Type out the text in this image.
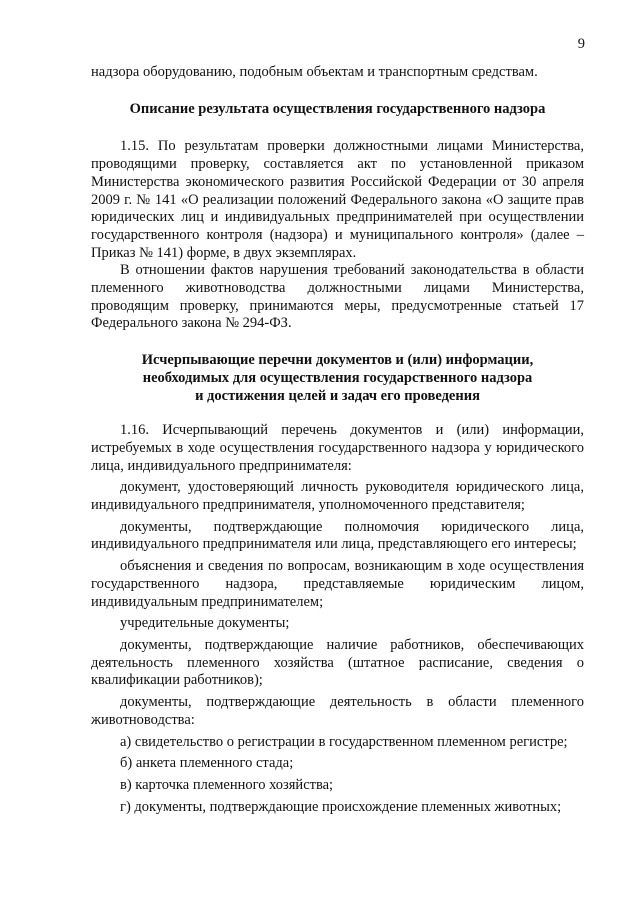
9

надзора оборудованию, подобным объектам и транспортным средствам.

Описание результата осуществления государственного надзора

1.15. По результатам проверки должностными лицами Министерства, проводящими проверку, составляется акт по установленной приказом Министерства экономического развития Российской Федерации от 30 апреля 2009 г. № 141 «О реализации положений Федерального закона «О защите прав юридических лиц и индивидуальных предпринимателей при осуществлении государственного контроля (надзора) и муниципального контроля» (далее – Приказ № 141) форме, в двух экземплярах.

В отношении фактов нарушения требований законодательства в области племенного животноводства должностными лицами Министерства, проводящим проверку, принимаются меры, предусмотренные статьей 17 Федерального закона № 294-ФЗ.

Исчерпывающие перечни документов и (или) информации,
необходимых для осуществления государственного надзора
и достижения целей и задач его проведения

1.16. Исчерпывающий перечень документов и (или) информации, истребуемых в ходе осуществления государственного надзора у юридического лица, индивидуального предпринимателя:

документ, удостоверяющий личность руководителя юридического лица, индивидуального предпринимателя, уполномоченного представителя;

документы, подтверждающие полномочия юридического лица, индивидуального предпринимателя или лица, представляющего его интересы;

объяснения и сведения по вопросам, возникающим в ходе осуществления государственного надзора, представляемые юридическим лицом, индивидуальным предпринимателем;

учредительные документы;

документы, подтверждающие наличие работников, обеспечивающих деятельность племенного хозяйства (штатное расписание, сведения о квалификации работников);

документы, подтверждающие деятельность в области племенного животноводства:

а) свидетельство о регистрации в государственном племенном регистре;

б) анкета племенного стада;

в) карточка племенного хозяйства;

г) документы, подтверждающие происхождение племенных животных;
